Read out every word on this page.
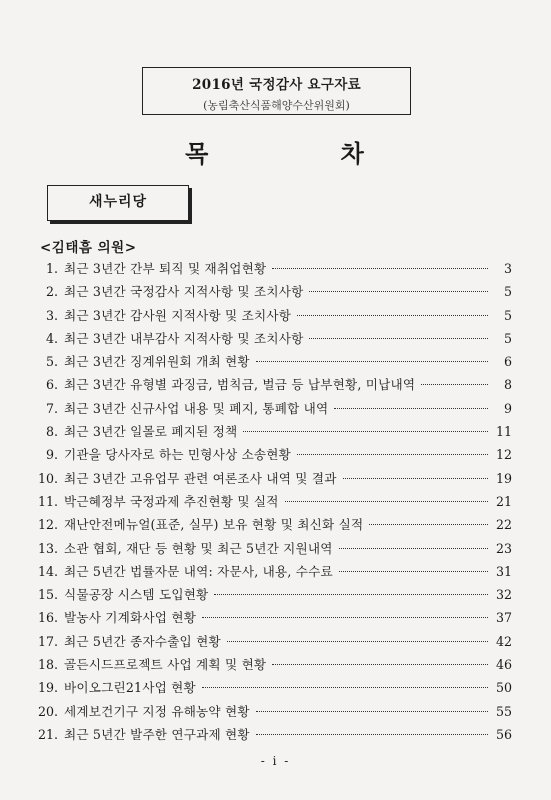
2016년 국정감사 요구자료
(농림축산식품해양수산위원회)
목 차
새누리당
<김태흠 의원>
1. 최근 3년간 간부 퇴직 및 재취업현황	3
2. 최근 3년간 국정감사 지적사항 및 조치사항	5
3. 최근 3년간 감사원 지적사항 및 조치사항	5
4. 최근 3년간 내부감사 지적사항 및 조치사항	5
5. 최근 3년간 징계위원회 개최 현황	6
6. 최근 3년간 유형별 과징금, 범칙금, 벌금 등 납부현황, 미납내역	8
7. 최근 3년간 신규사업 내용 및 폐지, 통폐합 내역	9
8. 최근 3년간 일몰로 폐지된 정책	11
9. 기관을 당사자로 하는 민형사상 소송현황	12
10. 최근 3년간 고유업무 관련 여론조사 내역 및 결과	19
11. 박근혜정부 국정과제 추진현황 및 실적	21
12. 재난안전메뉴얼(표준, 실무) 보유 현황 및 최신화 실적	22
13. 소관 협회, 재단 등 현황 및 최근 5년간 지원내역	23
14. 최근 5년간 법률자문 내역: 자문사, 내용, 수수료	31
15. 식물공장 시스템 도입현황	32
16. 발농사 기계화사업 현황	37
17. 최근 5년간 종자수출입 현황	42
18. 골든시드프로젝트 사업 계획 및 현황	46
19. 바이오그린21사업 현황	50
20. 세계보건기구 지정 유해농약 현황	55
21. 최근 5년간 발주한 연구과제 현황	56
- i -
